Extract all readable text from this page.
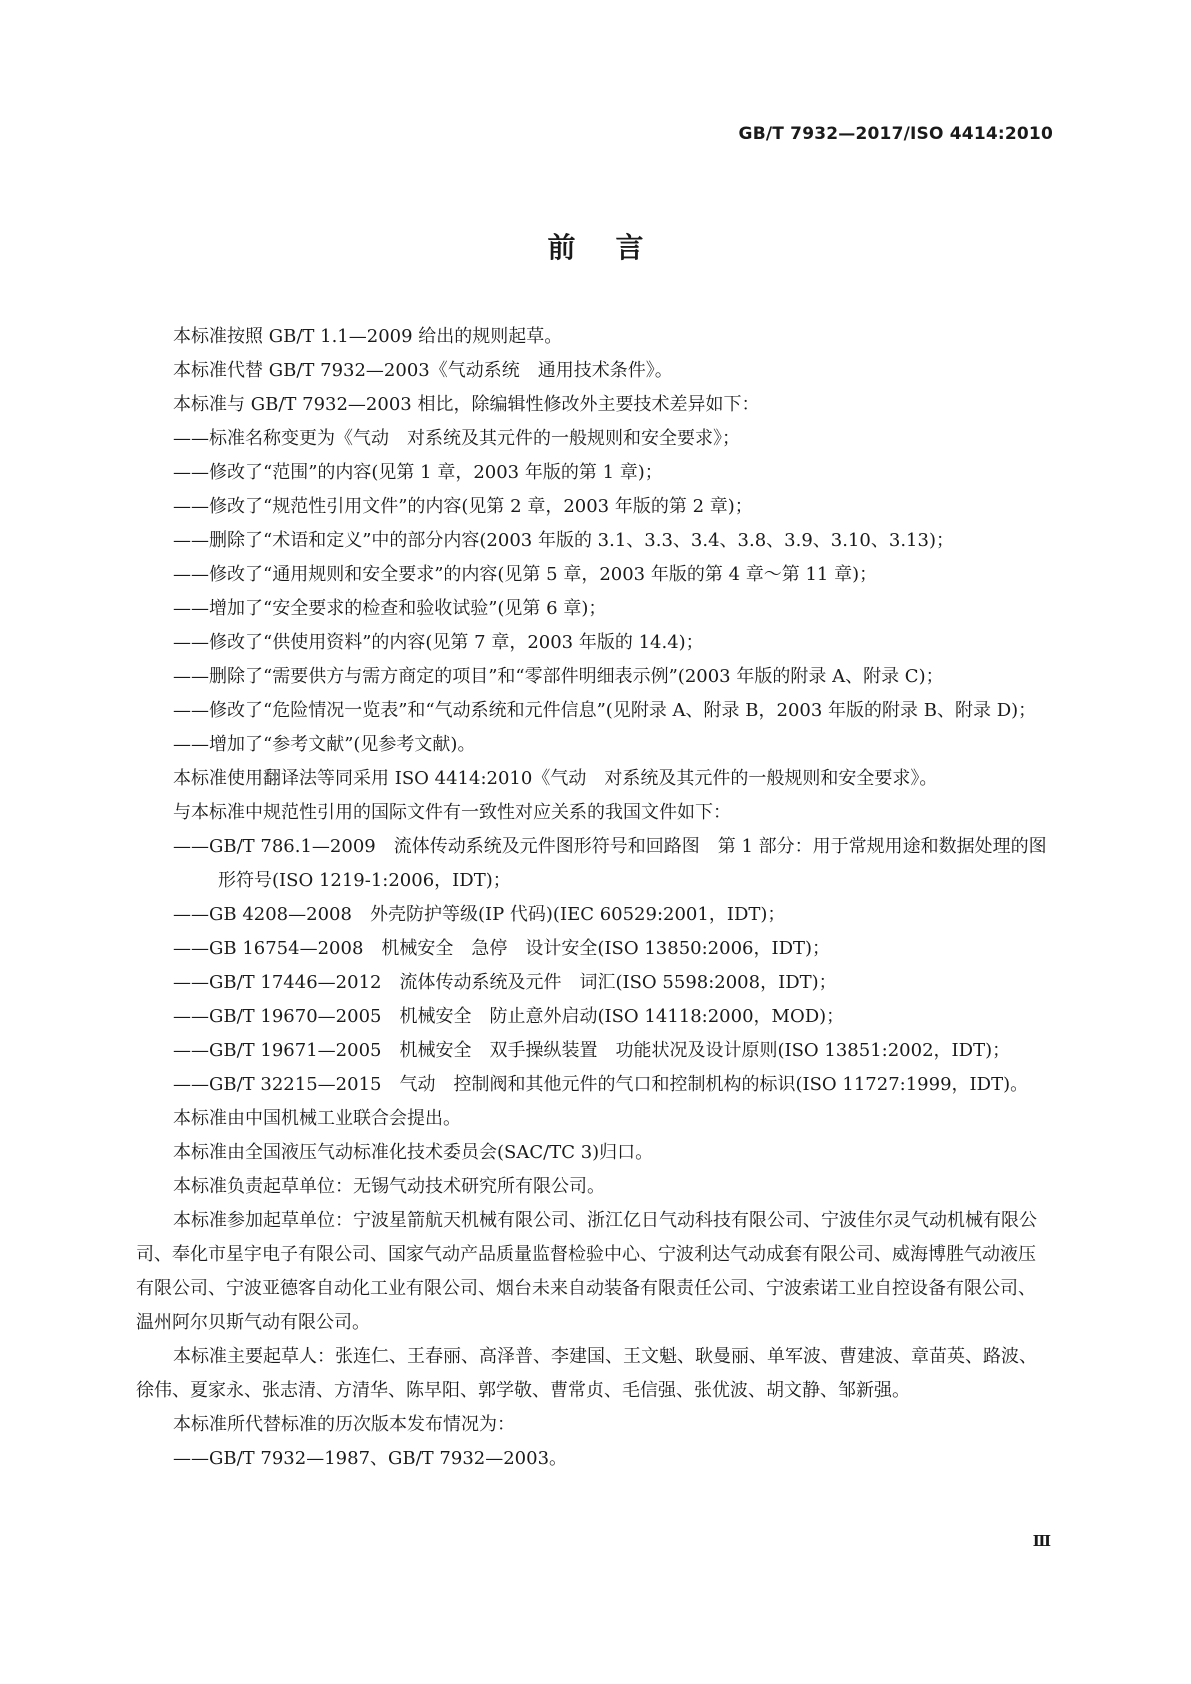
GB/T 7932—2017/ISO 4414:2010
前言

本标准按照 GB/T 1.1—2009 给出的规则起草。

本标准代替 GB/T 7932—2003《气动系统　通用技术条件》。

本标准与 GB/T 7932—2003 相比，除编辑性修改外主要技术差异如下：

——标准名称变更为《气动　对系统及其元件的一般规则和安全要求》；

——修改了“范围”的内容(见第 1 章，2003 年版的第 1 章)；

——修改了“规范性引用文件”的内容(见第 2 章，2003 年版的第 2 章)；

——删除了“术语和定义”中的部分内容(2003 年版的 3.1、3.3、3.4、3.8、3.9、3.10、3.13)；

——修改了“通用规则和安全要求”的内容(见第 5 章，2003 年版的第 4 章～第 11 章)；

——增加了“安全要求的检查和验收试验”(见第 6 章)；

——修改了“供使用资料”的内容(见第 7 章，2003 年版的 14.4)；

——删除了“需要供方与需方商定的项目”和“零部件明细表示例”(2003 年版的附录 A、附录 C)；

——修改了“危险情况一览表”和“气动系统和元件信息”(见附录 A、附录 B，2003 年版的附录 B、附录 D)；

——增加了“参考文献”(见参考文献)。

本标准使用翻译法等同采用 ISO 4414:2010《气动　对系统及其元件的一般规则和安全要求》。

与本标准中规范性引用的国际文件有一致性对应关系的我国文件如下：

——GB/T 786.1—2009　流体传动系统及元件图形符号和回路图　第 1 部分：用于常规用途和数据处理的图形符号(ISO 1219-1:2006，IDT)；

——GB 4208—2008　外壳防护等级(IP 代码)(IEC 60529:2001，IDT)；

——GB 16754—2008　机械安全　急停　设计安全(ISO 13850:2006，IDT)；

——GB/T 17446—2012　流体传动系统及元件　词汇(ISO 5598:2008，IDT)；

——GB/T 19670—2005　机械安全　防止意外启动(ISO 14118:2000，MOD)；

——GB/T 19671—2005　机械安全　双手操纵装置　功能状况及设计原则(ISO 13851:2002，IDT)；

——GB/T 32215—2015　气动　控制阀和其他元件的气口和控制机构的标识(ISO 11727:1999，IDT)。

本标准由中国机械工业联合会提出。

本标准由全国液压气动标准化技术委员会(SAC/TC 3)归口。

本标准负责起草单位：无锡气动技术研究所有限公司。

本标准参加起草单位：宁波星箭航天机械有限公司、浙江亿日气动科技有限公司、宁波佳尔灵气动机械有限公司、奉化市星宇电子有限公司、国家气动产品质量监督检验中心、宁波利达气动成套有限公司、威海博胜气动液压有限公司、宁波亚德客自动化工业有限公司、烟台未来自动装备有限责任公司、宁波索诺工业自控设备有限公司、温州阿尔贝斯气动有限公司。

本标准主要起草人：张连仁、王春丽、高泽普、李建国、王文魁、耿曼丽、单军波、曹建波、章苗英、路波、徐伟、夏家永、张志清、方清华、陈早阳、郭学敬、曹常贞、毛信强、张优波、胡文静、邹新强。

本标准所代替标准的历次版本发布情况为：

——GB/T 7932—1987、GB/T 7932—2003。

Ⅲ
